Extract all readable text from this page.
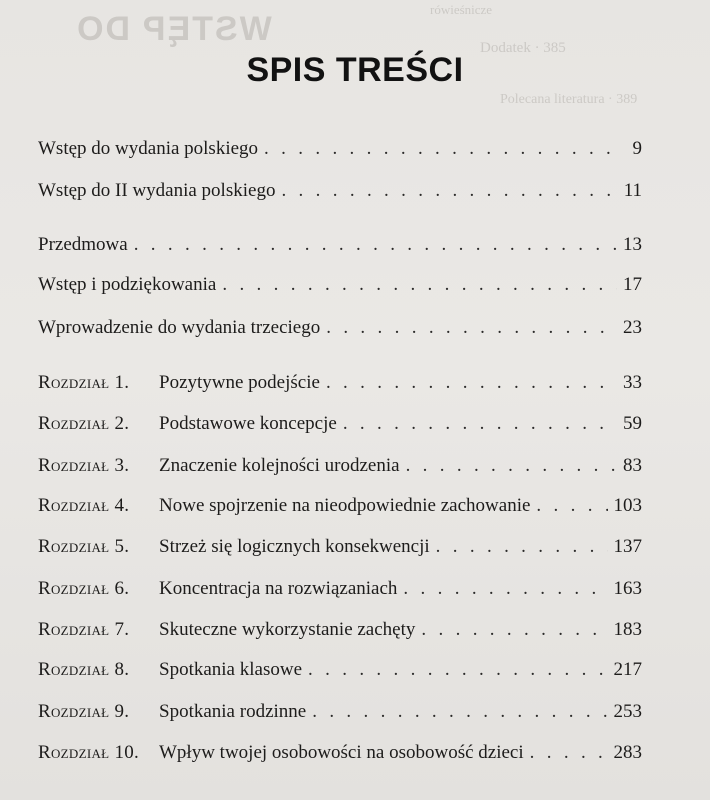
rówieśnicze
WSTĘP DO	Dodatek · 385
Polecana literatura · 389
SPIS TREŚCI
Wstęp do wydania polskiego . . .	9
Wstęp do II wydania polskiego . . .	11
Przedmowa . . .	13
Wstęp i podziękowania . . .	17
Wprowadzenie do wydania trzeciego . . .	23
Rozdział 1.	Pozytywne podejście . . .	33
Rozdział 2.	Podstawowe koncepcje . . .	59
Rozdział 3.	Znaczenie kolejności urodzenia . . .	83
Rozdział 4.	Nowe spojrzenie na nieodpowiednie zachowanie . . .	103
Rozdział 5.	Strzeż się logicznych konsekwencji . . .	137
Rozdział 6.	Koncentracja na rozwiązaniach . . .	163
Rozdział 7.	Skuteczne wykorzystanie zachęty . . .	183
Rozdział 8.	Spotkania klasowe . . .	217
Rozdział 9.	Spotkania rodzinne . . .	253
Rozdział 10.	Wpływ twojej osobowości na osobowość dzieci . . .	283
